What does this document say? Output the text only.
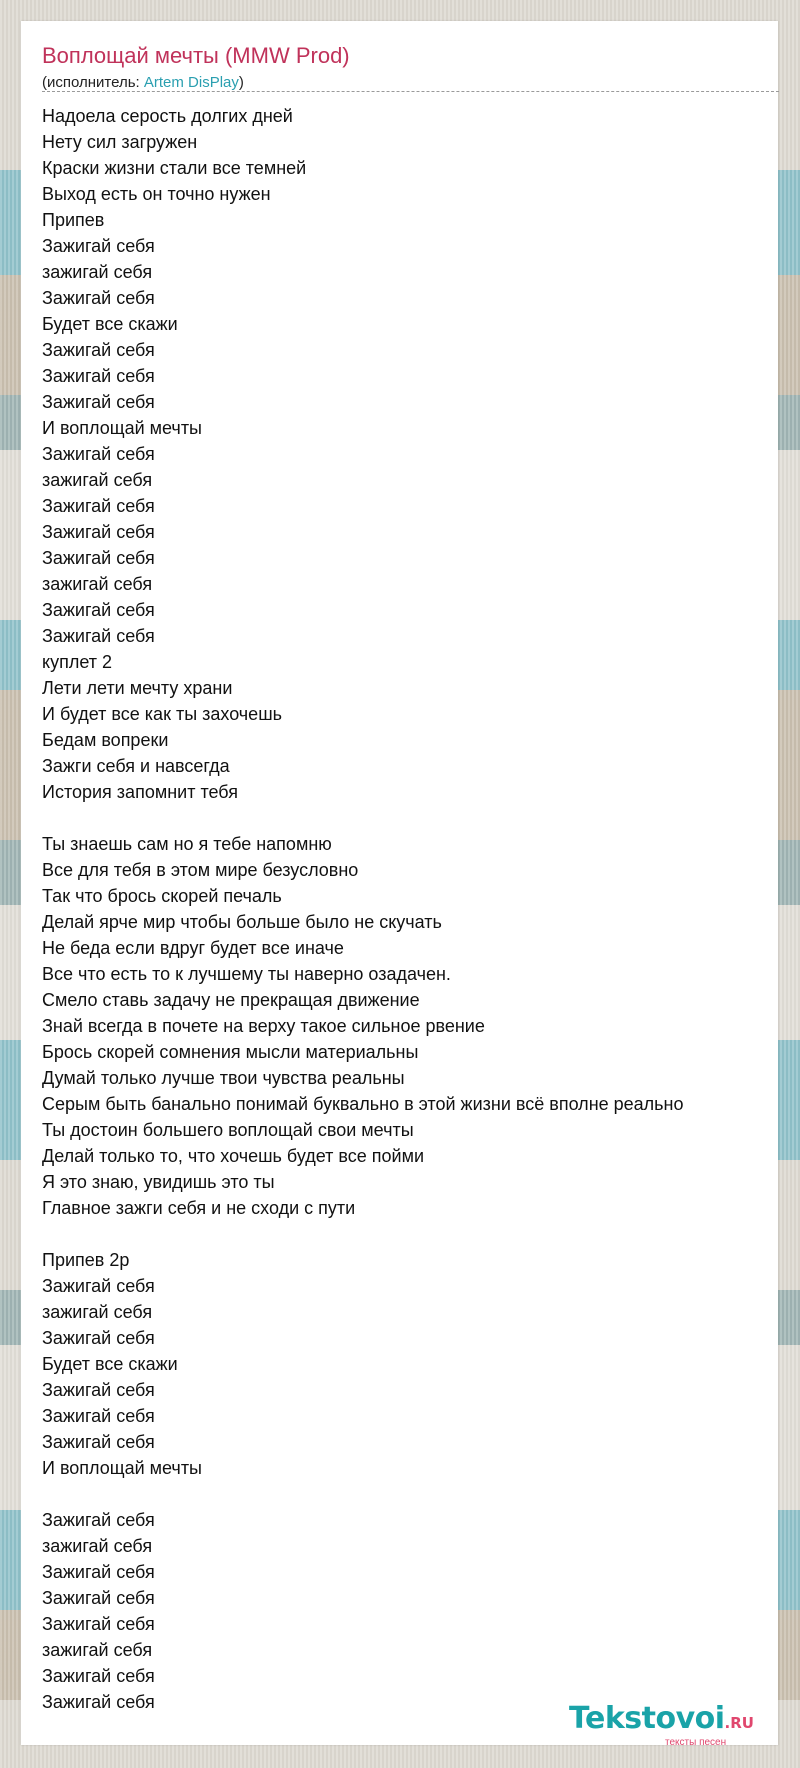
Воплощай мечты (MMW Prod)
(исполнитель: Artem DisPlay)
Надоела серость долгих дней
Нету сил загружен
Краски жизни стали все темней
Выход есть он точно нужен
Припев
Зажигай себя
зажигай себя
Зажигай себя
Будет все скажи
Зажигай себя
Зажигай себя
Зажигай себя
И воплощай мечты
Зажигай себя
зажигай себя
Зажигай себя
Зажигай себя
Зажигай себя
зажигай себя
Зажигай себя
Зажигай себя
куплет 2
Лети лети мечту храни
И будет все как ты захочешь
Бедам вопреки
Зажги себя и навсегда
История запомнит тебя
Ты знаешь сам но я тебе напомню
Все для тебя в этом мире безусловно
Так что брось скорей печаль
Делай ярче мир чтобы больше было не скучать
Не беда если вдруг будет все иначе
Все что есть то к лучшему ты наверно озадачен.
Смело ставь задачу не прекращая движение
Знай всегда в почете на верху такое сильное рвение
Брось скорей сомнения мысли материальны
Думай только лучше твои чувства реальны
Серым быть банально понимай буквально в этой жизни всё вполне реально
Ты достоин большего воплощай свои мечты
Делай только то, что хочешь будет все пойми
Я это знаю, увидишь это ты
Главное зажги себя и не сходи с пути
Припев 2р
Зажигай себя
зажигай себя
Зажигай себя
Будет все скажи
Зажигай себя
Зажигай себя
Зажигай себя
И воплощай мечты
Зажигай себя
зажигай себя
Зажигай себя
Зажигай себя
Зажигай себя
зажигай себя
Зажигай себя
Зажигай себя	Tekstovoi.RU
тексты песен
